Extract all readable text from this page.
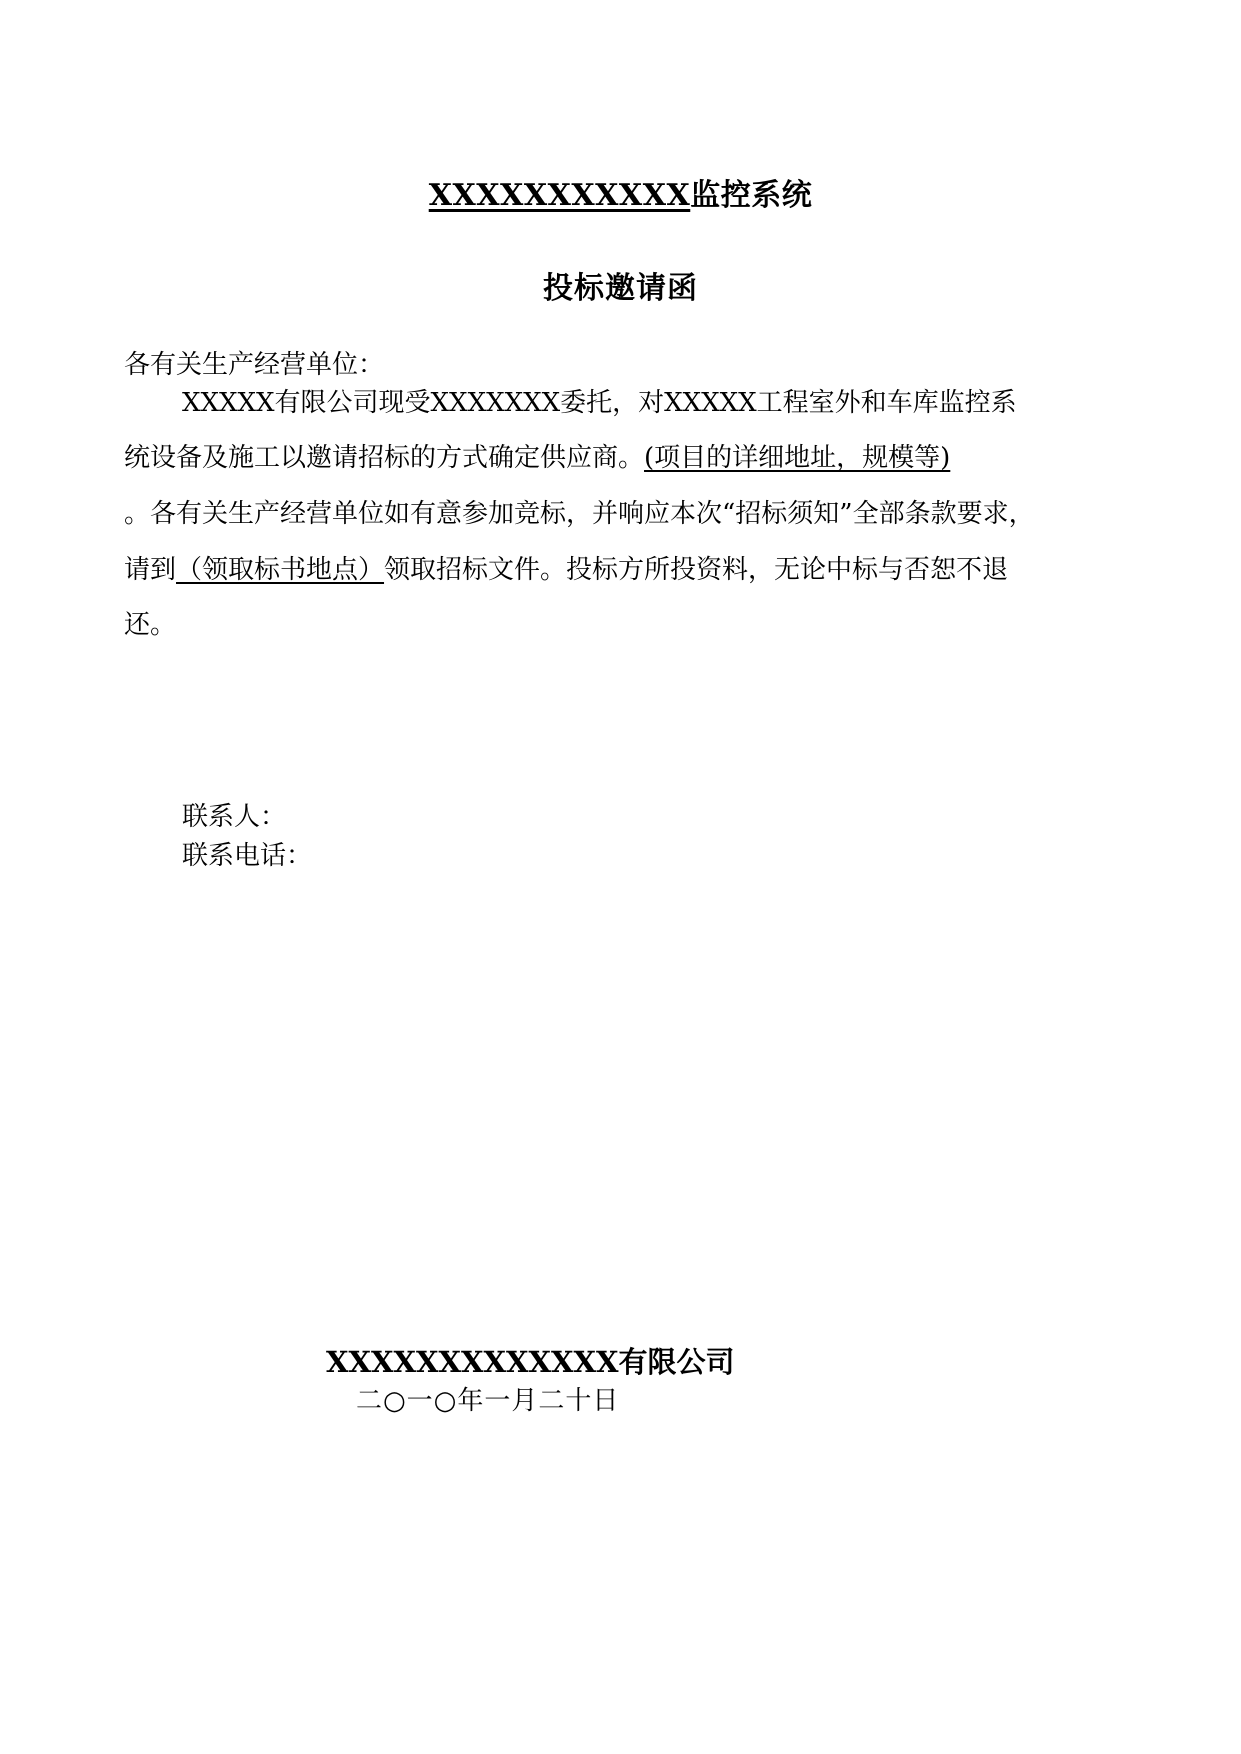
XXXXXXXXXXX监控系统
投标邀请函
各有关生产经营单位：
XXXXX有限公司现受XXXXXXX委托，对XXXXX工程室外和车库监控系
统设备及施工以邀请招标的方式确定供应商。(项目的详细地址，规模等)
。各有关生产经营单位如有意参加竞标，并响应本次“招标须知”全部条款要求，
请到（领取标书地点）领取招标文件。投标方所投资料，无论中标与否恕不退
还。
联系人：
联系电话：
XXXXXXXXXXXXX有限公司
二○一○年一月二十日
